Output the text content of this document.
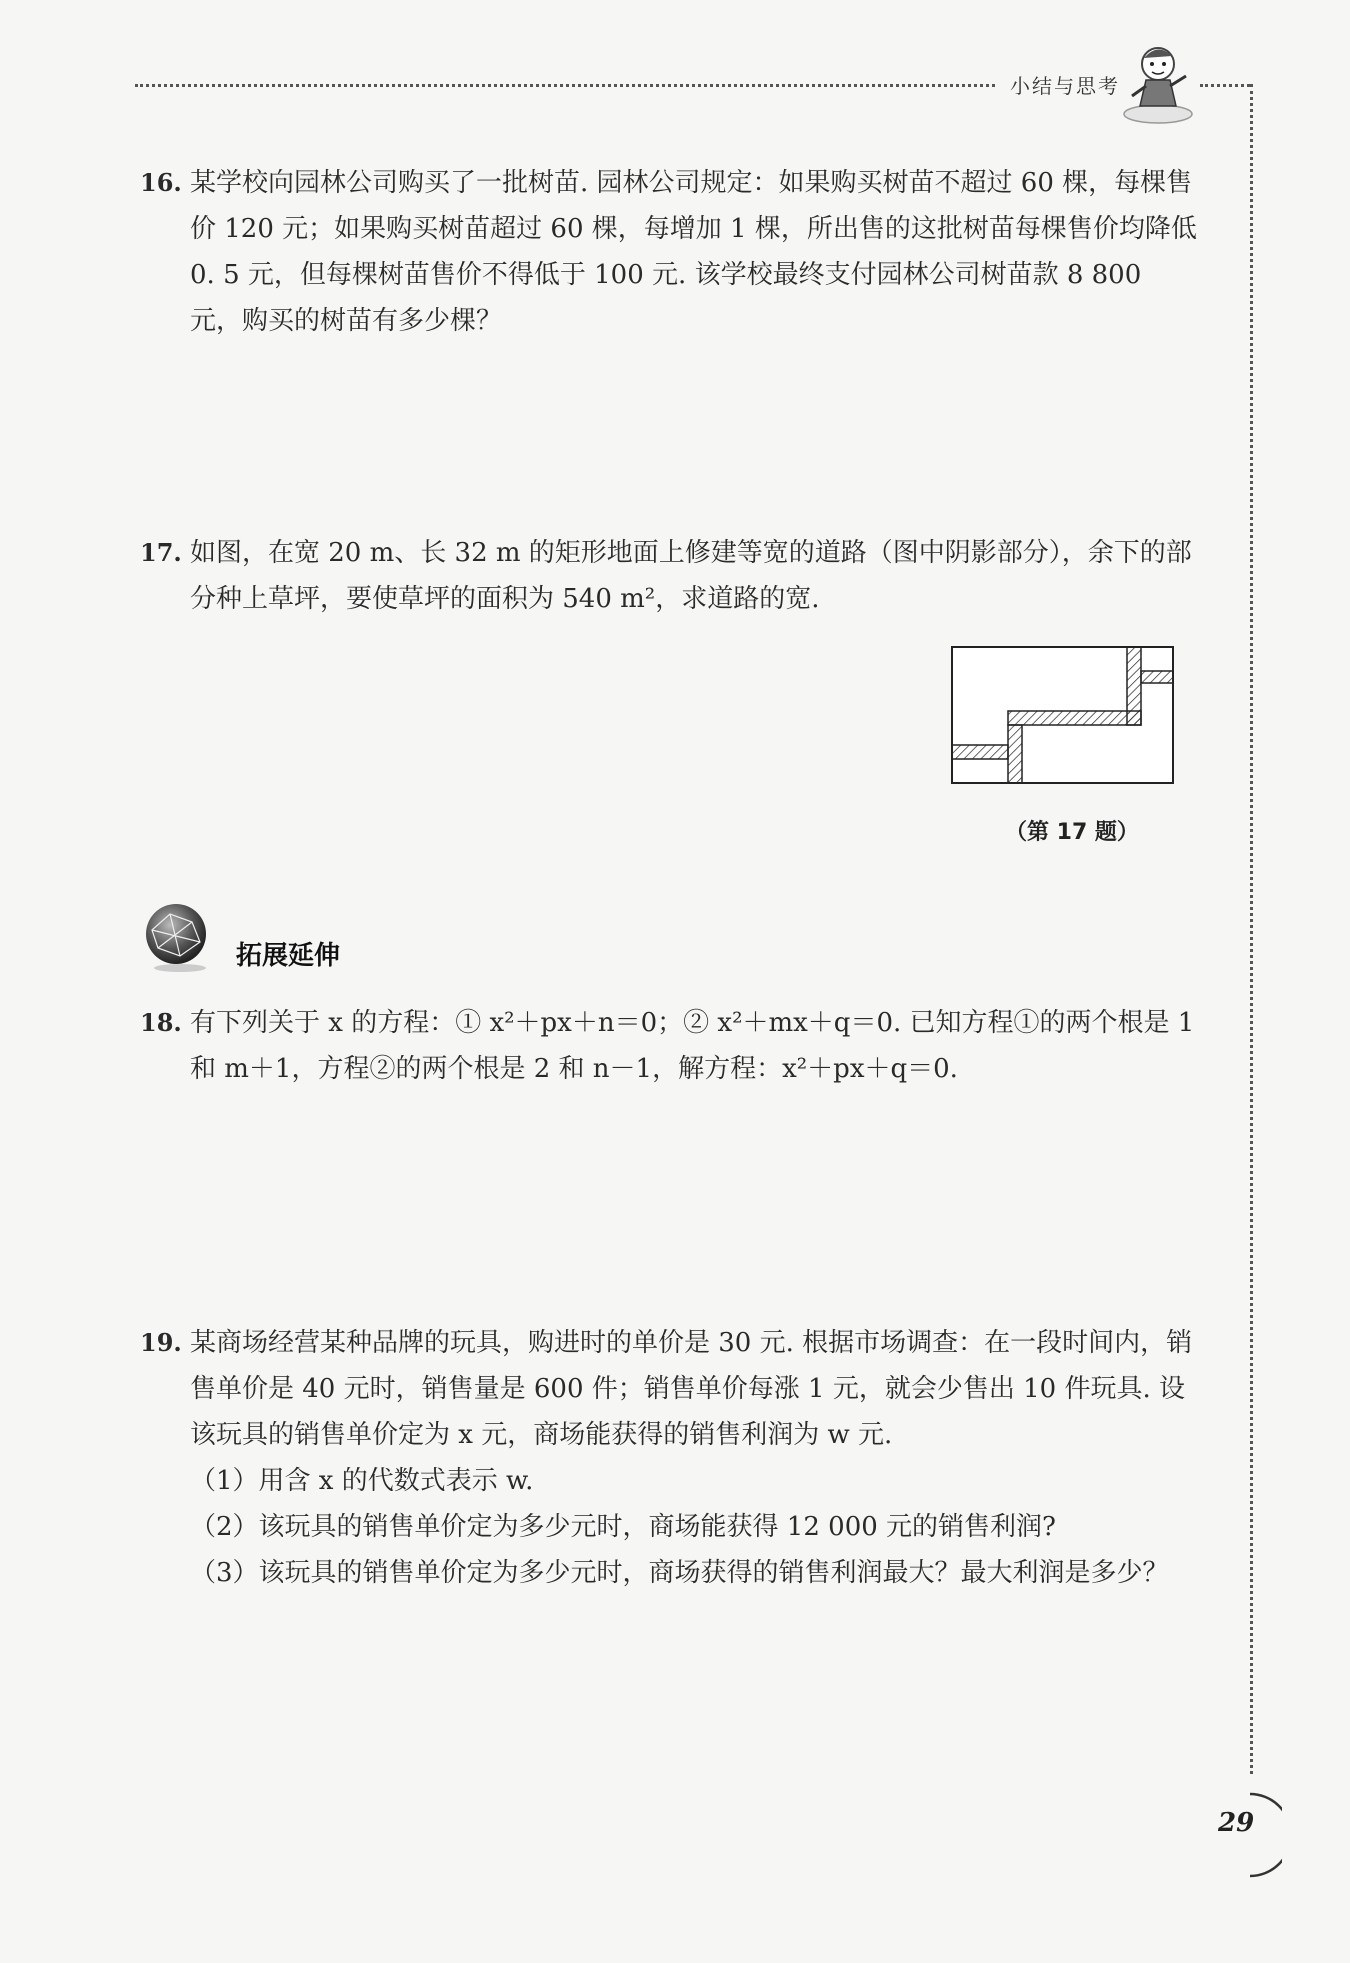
小结与思考
16. 某学校向园林公司购买了一批树苗. 园林公司规定：如果购买树苗不超过 60 棵，每棵售价 120 元；如果购买树苗超过 60 棵，每增加 1 棵，所出售的这批树苗每棵售价均降低 0. 5 元，但每棵树苗售价不得低于 100 元. 该学校最终支付园林公司树苗款 8 800 元，购买的树苗有多少棵？
17. 如图，在宽 20 m、长 32 m 的矩形地面上修建等宽的道路（图中阴影部分），余下的部分种上草坪，要使草坪的面积为 540 m²，求道路的宽.
（第 17 题）
拓展延伸
18. 有下列关于 x 的方程：① x²＋px＋n＝0；② x²＋mx＋q＝0. 已知方程①的两个根是 1 和 m＋1，方程②的两个根是 2 和 n－1，解方程：x²＋px＋q＝0.
19. 某商场经营某种品牌的玩具，购进时的单价是 30 元. 根据市场调查：在一段时间内，销售单价是 40 元时，销售量是 600 件；销售单价每涨 1 元，就会少售出 10 件玩具. 设该玩具的销售单价定为 x 元，商场能获得的销售利润为 w 元.
（1）用含 x 的代数式表示 w.
（2）该玩具的销售单价定为多少元时，商场能获得 12 000 元的销售利润?
（3）该玩具的销售单价定为多少元时，商场获得的销售利润最大？最大利润是多少？
29
